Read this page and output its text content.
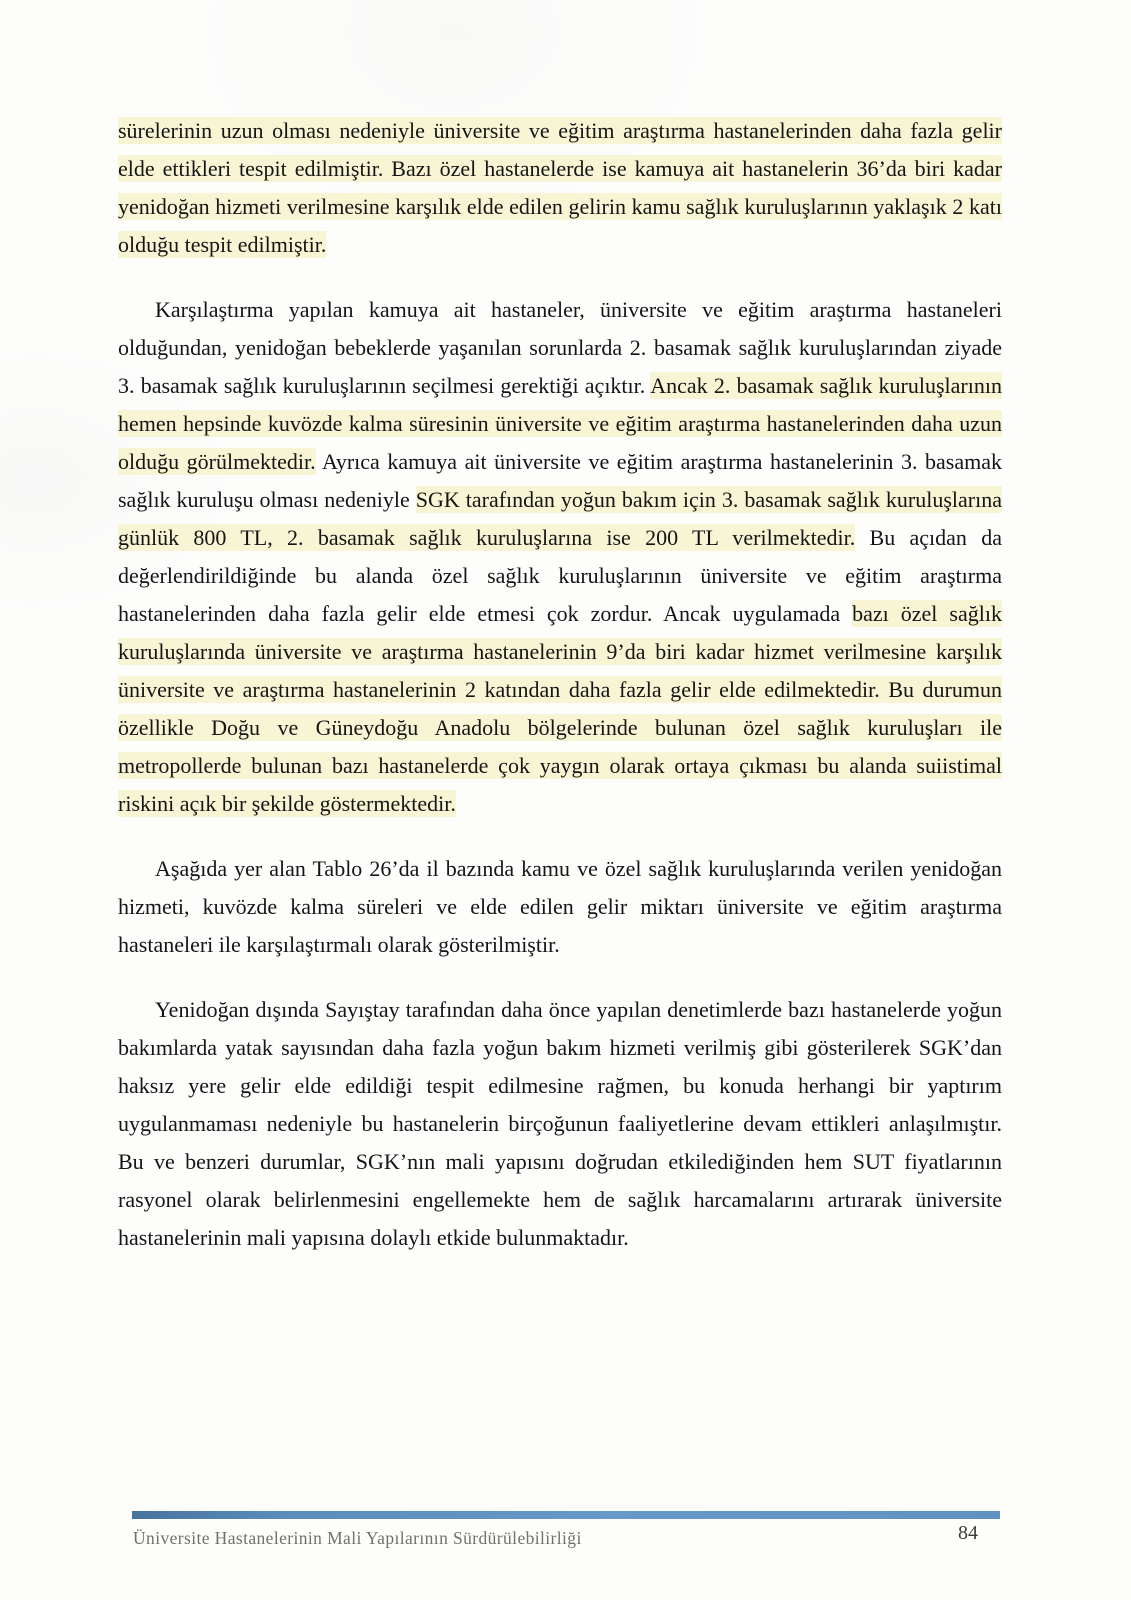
sürelerinin uzun olması nedeniyle üniversite ve eğitim araştırma hastanelerinden daha fazla gelir elde ettikleri tespit edilmiştir. Bazı özel hastanelerde ise kamuya ait hastanelerin 36’da biri kadar yenidoğan hizmeti verilmesine karşılık elde edilen gelirin kamu sağlık kuruluşlarının yaklaşık 2 katı olduğu tespit edilmiştir.

Karşılaştırma yapılan kamuya ait hastaneler, üniversite ve eğitim araştırma hastaneleri olduğundan, yenidoğan bebeklerde yaşanılan sorunlarda 2. basamak sağlık kuruluşlarından ziyade 3. basamak sağlık kuruluşlarının seçilmesi gerektiği açıktır. Ancak 2. basamak sağlık kuruluşlarının hemen hepsinde kuvözde kalma süresinin üniversite ve eğitim araştırma hastanelerinden daha uzun olduğu görülmektedir. Ayrıca kamuya ait üniversite ve eğitim araştırma hastanelerinin 3. basamak sağlık kuruluşu olması nedeniyle SGK tarafından yoğun bakım için 3. basamak sağlık kuruluşlarına günlük 800 TL, 2. basamak sağlık kuruluşlarına ise 200 TL verilmektedir. Bu açıdan da değerlendirildiğinde bu alanda özel sağlık kuruluşlarının üniversite ve eğitim araştırma hastanelerinden daha fazla gelir elde etmesi çok zordur. Ancak uygulamada bazı özel sağlık kuruluşlarında üniversite ve araştırma hastanelerinin 9’da biri kadar hizmet verilmesine karşılık üniversite ve araştırma hastanelerinin 2 katından daha fazla gelir elde edilmektedir. Bu durumun özellikle Doğu ve Güneydoğu Anadolu bölgelerinde bulunan özel sağlık kuruluşları ile metropollerde bulunan bazı hastanelerde çok yaygın olarak ortaya çıkması bu alanda suiistimal riskini açık bir şekilde göstermektedir.

Aşağıda yer alan Tablo 26’da il bazında kamu ve özel sağlık kuruluşlarında verilen yenidoğan hizmeti, kuvözde kalma süreleri ve elde edilen gelir miktarı üniversite ve eğitim araştırma hastaneleri ile karşılaştırmalı olarak gösterilmiştir.

Yenidoğan dışında Sayıştay tarafından daha önce yapılan denetimlerde bazı hastanelerde yoğun bakımlarda yatak sayısından daha fazla yoğun bakım hizmeti verilmiş gibi gösterilerek SGK’dan haksız yere gelir elde edildiği tespit edilmesine rağmen, bu konuda herhangi bir yaptırım uygulanmaması nedeniyle bu hastanelerin birçoğunun faaliyetlerine devam ettikleri anlaşılmıştır. Bu ve benzeri durumlar, SGK’nın mali yapısını doğrudan etkilediğinden hem SUT fiyatlarının rasyonel olarak belirlenmesini engellemekte hem de sağlık harcamalarını artırarak üniversite hastanelerinin mali yapısına dolaylı etkide bulunmaktadır.

Üniversite Hastanelerinin Mali Yapılarının Sürdürülebilirliği	84
